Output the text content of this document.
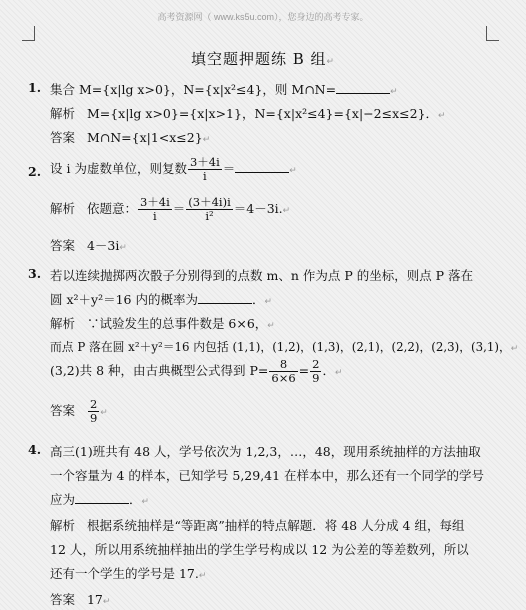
高考资源网（ www.ks5u.com），您身边的高考专家。
填空题押题练 B 组↵
1. 集合 M={x|lg x>0}，N={x|x²≤4}，则 M∩N=	↵
解析 M={x|lg x>0}={x|x>1}，N={x|x²≤4}={x|−2≤x≤2}．↵
答案 M∩N={x|1<x≤2}↵
2. 设 i 为虚数单位，则复数 $\frac{3+4i}{i}$ ＝	↵
解析 依题意： $\frac{3+4i}{i} = \frac{(3+4i)i}{\text{i²}}$ ＝4－3i.↵
答案 4－3i↵
3. 若以连续抛掷两次骰子分别得到的点数 m、n 作为点 P 的坐标，则点 P 落在
圆 x²＋y²＝16 内的概率为	．↵
解析 ∵试验发生的总事件数是 6×6，↵
而点 P 落在圆 x²＋y²＝16 内包括 (1,1)，(1,2)，(1,3)，(2,1)，(2,2)，(2,3)，(3,1)，↵
(3,2)共 8 种，由古典概型公式得到 $P= \frac{8}{6\times 6} = \frac{2}{9}$ ．↵
答案 $\frac{2}{9}$ ↵
4. 高三(1)班共有 48 人，学号依次为 1,2,3，…，48，现用系统抽样的方法抽取
一个容量为 4 的样本，已知学号 5,29,41 在样本中，那么还有一个同学的学号
应为	．↵
解析 根据系统抽样是“等距离”抽样的特点解题．将 48 人分成 4 组，每组
12 人，所以用系统抽样抽出的学生学号构成以 12 为公差的等差数列，所以
还有一个学生的学号是 17.↵
答案 17↵
